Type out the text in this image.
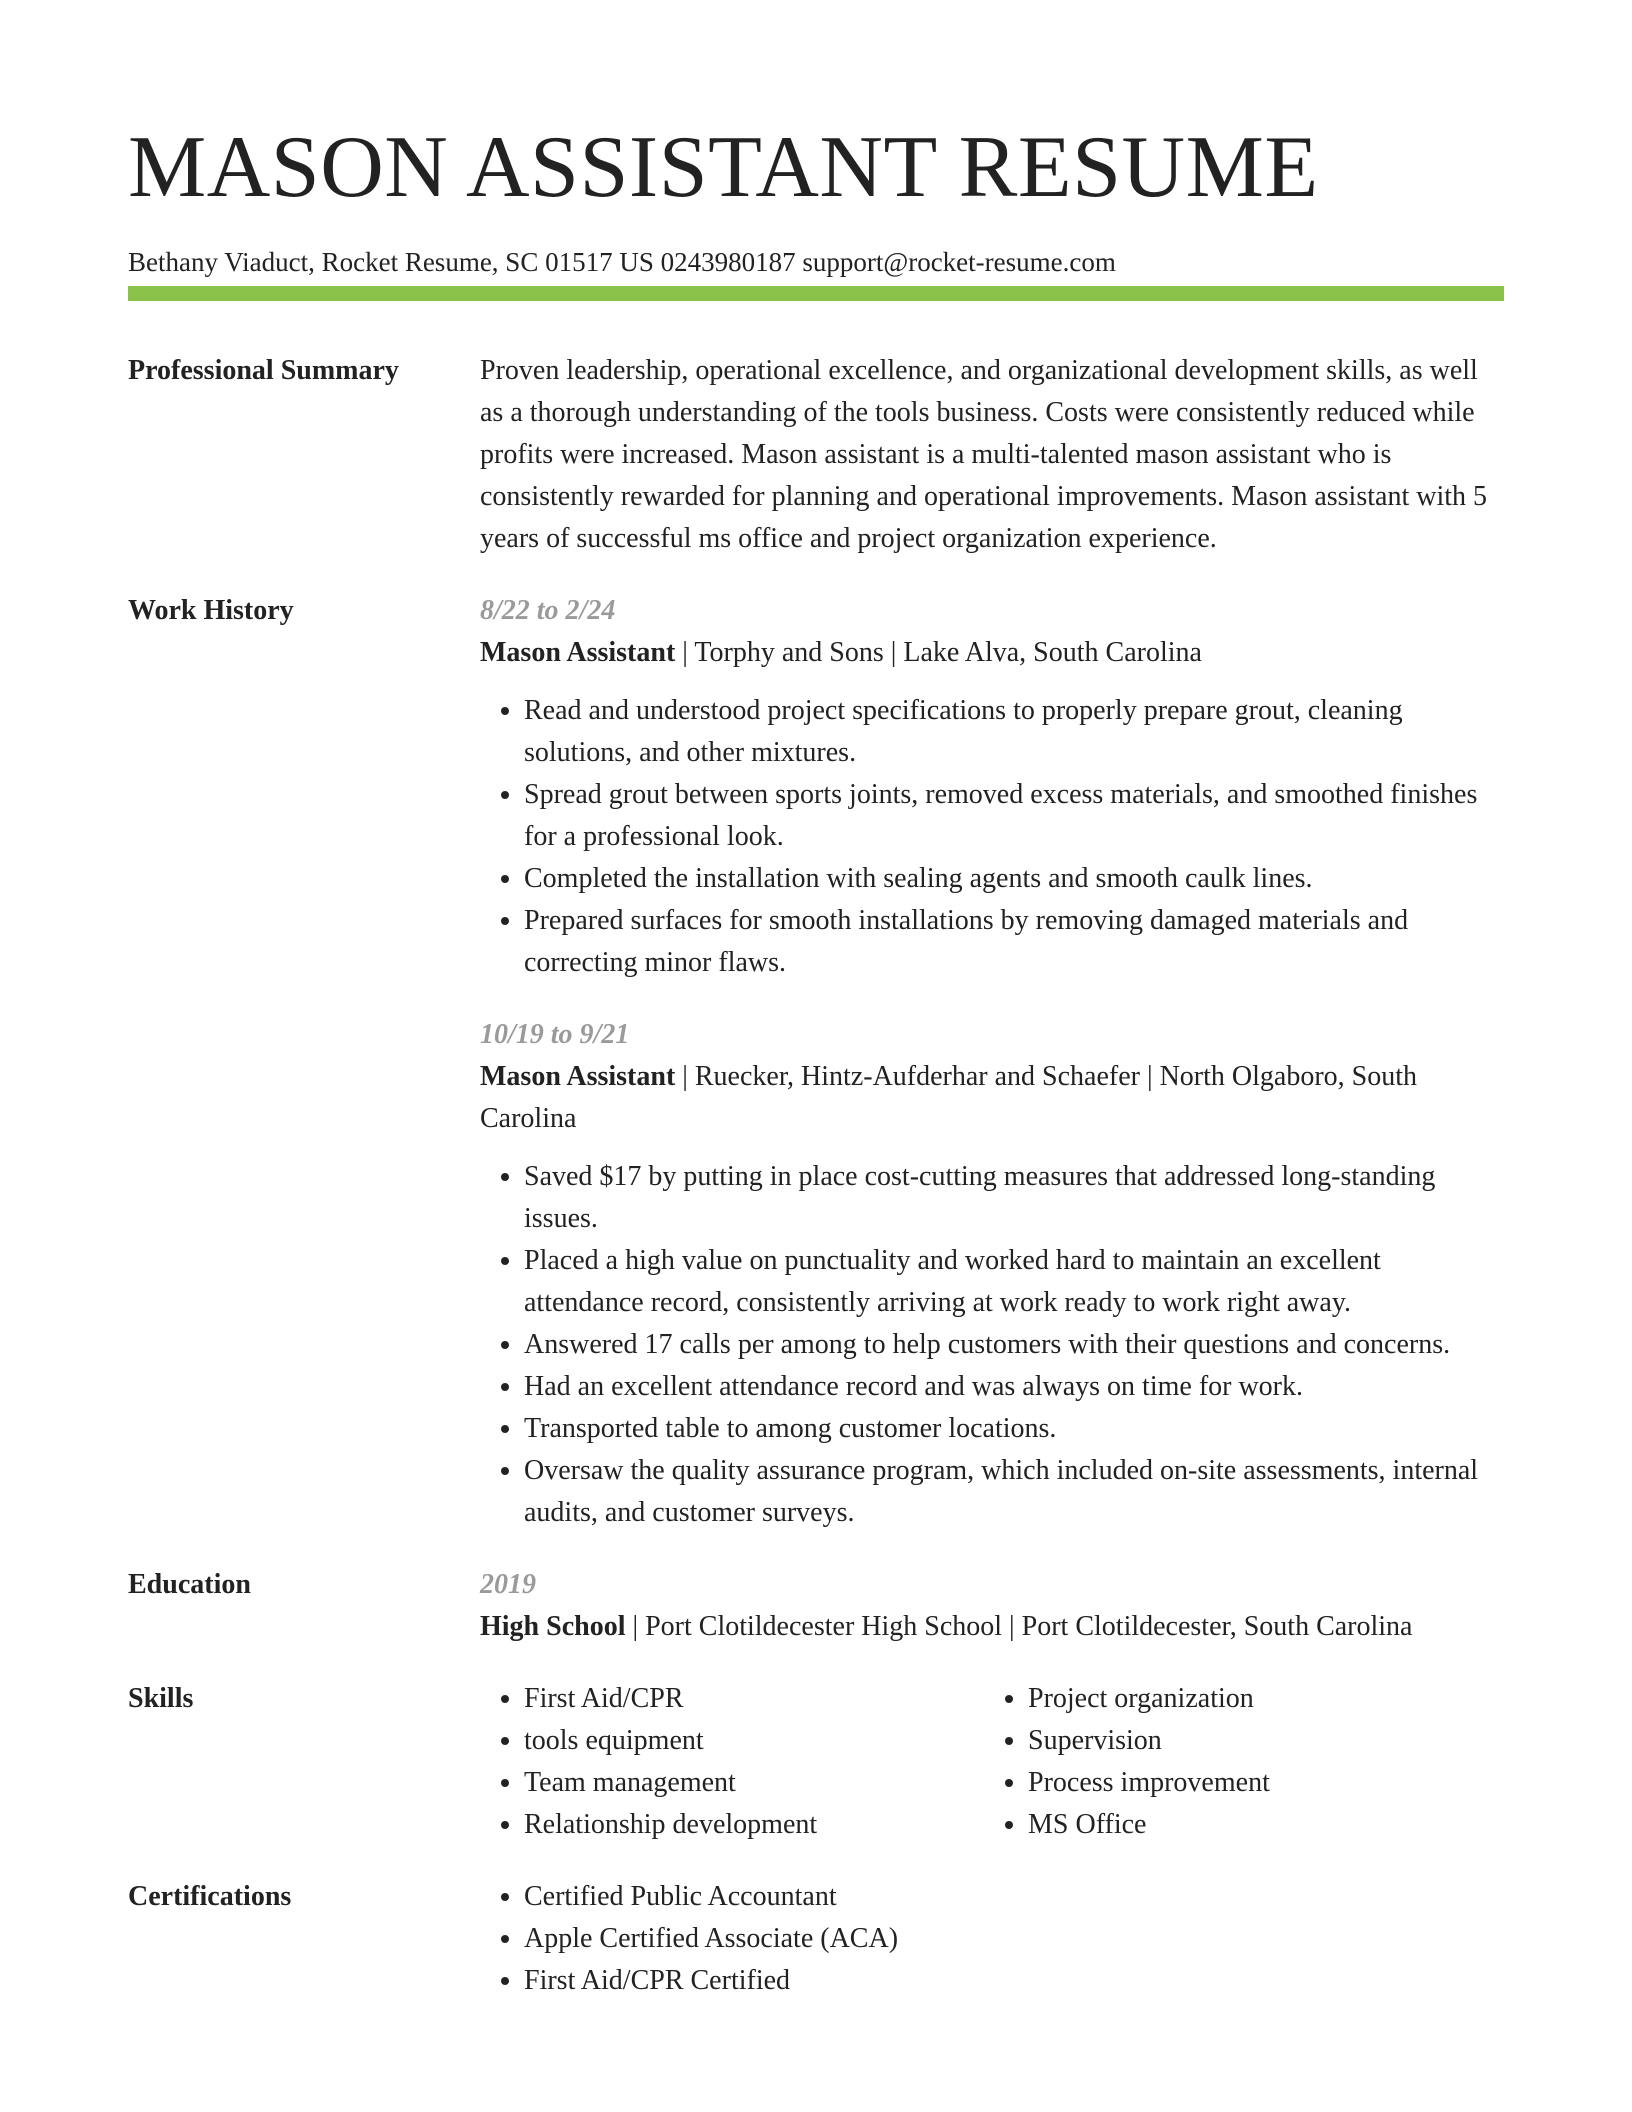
MASON ASSISTANT RESUME
Bethany Viaduct, Rocket Resume, SC 01517 US 0243980187 support@rocket-resume.com
Professional Summary	Proven leadership, operational excellence, and organizational development skills, as well as a thorough understanding of the tools business. Costs were consistently reduced while profits were increased. Mason assistant is a multi-talented mason assistant who is consistently rewarded for planning and operational improvements. Mason assistant with 5 years of successful ms office and project organization experience.

Work History	8/22 to 2/24
Mason Assistant | Torphy and Sons | Lake Alva, South Carolina
• Read and understood project specifications to properly prepare grout, cleaning solutions, and other mixtures.
• Spread grout between sports joints, removed excess materials, and smoothed finishes for a professional look.
• Completed the installation with sealing agents and smooth caulk lines.
• Prepared surfaces for smooth installations by removing damaged materials and correcting minor flaws.
10/19 to 9/21
Mason Assistant | Ruecker, Hintz-Aufderhar and Schaefer | North Olgaboro, South Carolina
• Saved $17 by putting in place cost-cutting measures that addressed long-standing issues.
• Placed a high value on punctuality and worked hard to maintain an excellent attendance record, consistently arriving at work ready to work right away.
• Answered 17 calls per among to help customers with their questions and concerns.
• Had an excellent attendance record and was always on time for work.
• Transported table to among customer locations.
• Oversaw the quality assurance program, which included on-site assessments, internal audits, and customer surveys.
Education	2019
High School | Port Clotildecester High School | Port Clotildecester, South Carolina
Skills	• First Aid/CPR
• tools equipment
• Team management
• Relationship development
• Project organization
• Supervision
• Process improvement
• MS Office
Certifications	• Certified Public Accountant
• Apple Certified Associate (ACA)
• First Aid/CPR Certified
